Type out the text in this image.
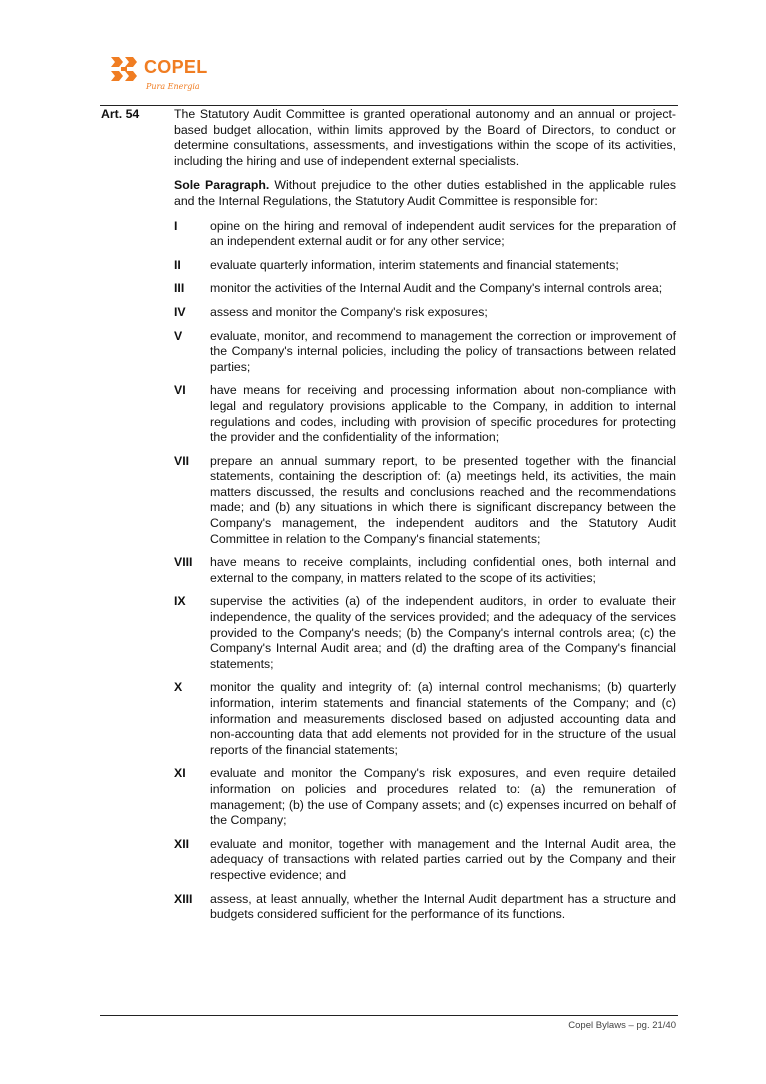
COPEL
Pura Energia
Art. 54	The Statutory Audit Committee is granted operational autonomy and an annual or project-based budget allocation, within limits approved by the Board of Directors, to conduct or determine consultations, assessments, and investigations within the scope of its activities, including the hiring and use of independent external specialists.

Sole Paragraph. Without prejudice to the other duties established in the applicable rules and the Internal Regulations, the Statutory Audit Committee is responsible for:

I	opine on the hiring and removal of independent audit services for the preparation of an independent external audit or for any other service;
II evaluate quarterly information, interim statements and financial statements;
III monitor the activities of the Internal Audit and the Company's internal controls area;
IV assess and monitor the Company's risk exposures;
V evaluate, monitor, and recommend to management the correction or improvement of the Company's internal policies, including the policy of transactions between related parties;
VI have means for receiving and processing information about non-compliance with legal and regulatory provisions applicable to the Company, in addition to internal regulations and codes, including with provision of specific procedures for protecting the provider and the confidentiality of the information;
VII prepare an annual summary report, to be presented together with the financial statements, containing the description of: (a) meetings held, its activities, the main matters discussed, the results and conclusions reached and the recommendations made; and (b) any situations in which there is significant discrepancy between the Company's management, the independent auditors and the Statutory Audit Committee in relation to the Company's financial statements;
VIII have means to receive complaints, including confidential ones, both internal and external to the company, in matters related to the scope of its activities;
IX supervise the activities (a) of the independent auditors, in order to evaluate their independence, the quality of the services provided; and the adequacy of the services provided to the Company's needs; (b) the Company's internal controls area; (c) the Company's Internal Audit area; and (d) the drafting area of the Company's financial statements;
X monitor the quality and integrity of: (a) internal control mechanisms; (b) quarterly information, interim statements and financial statements of the Company; and (c) information and measurements disclosed based on adjusted accounting data and non-accounting data that add elements not provided for in the structure of the usual reports of the financial statements;
XI evaluate and monitor the Company's risk exposures, and even require detailed information on policies and procedures related to: (a) the remuneration of management; (b) the use of Company assets; and (c) expenses incurred on behalf of the Company;
XII evaluate and monitor, together with management and the Internal Audit area, the adequacy of transactions with related parties carried out by the Company and their respective evidence; and
XIII assess, at least annually, whether the Internal Audit department has a structure and budgets considered sufficient for the performance of its functions.
Copel Bylaws – pg. 21/40
